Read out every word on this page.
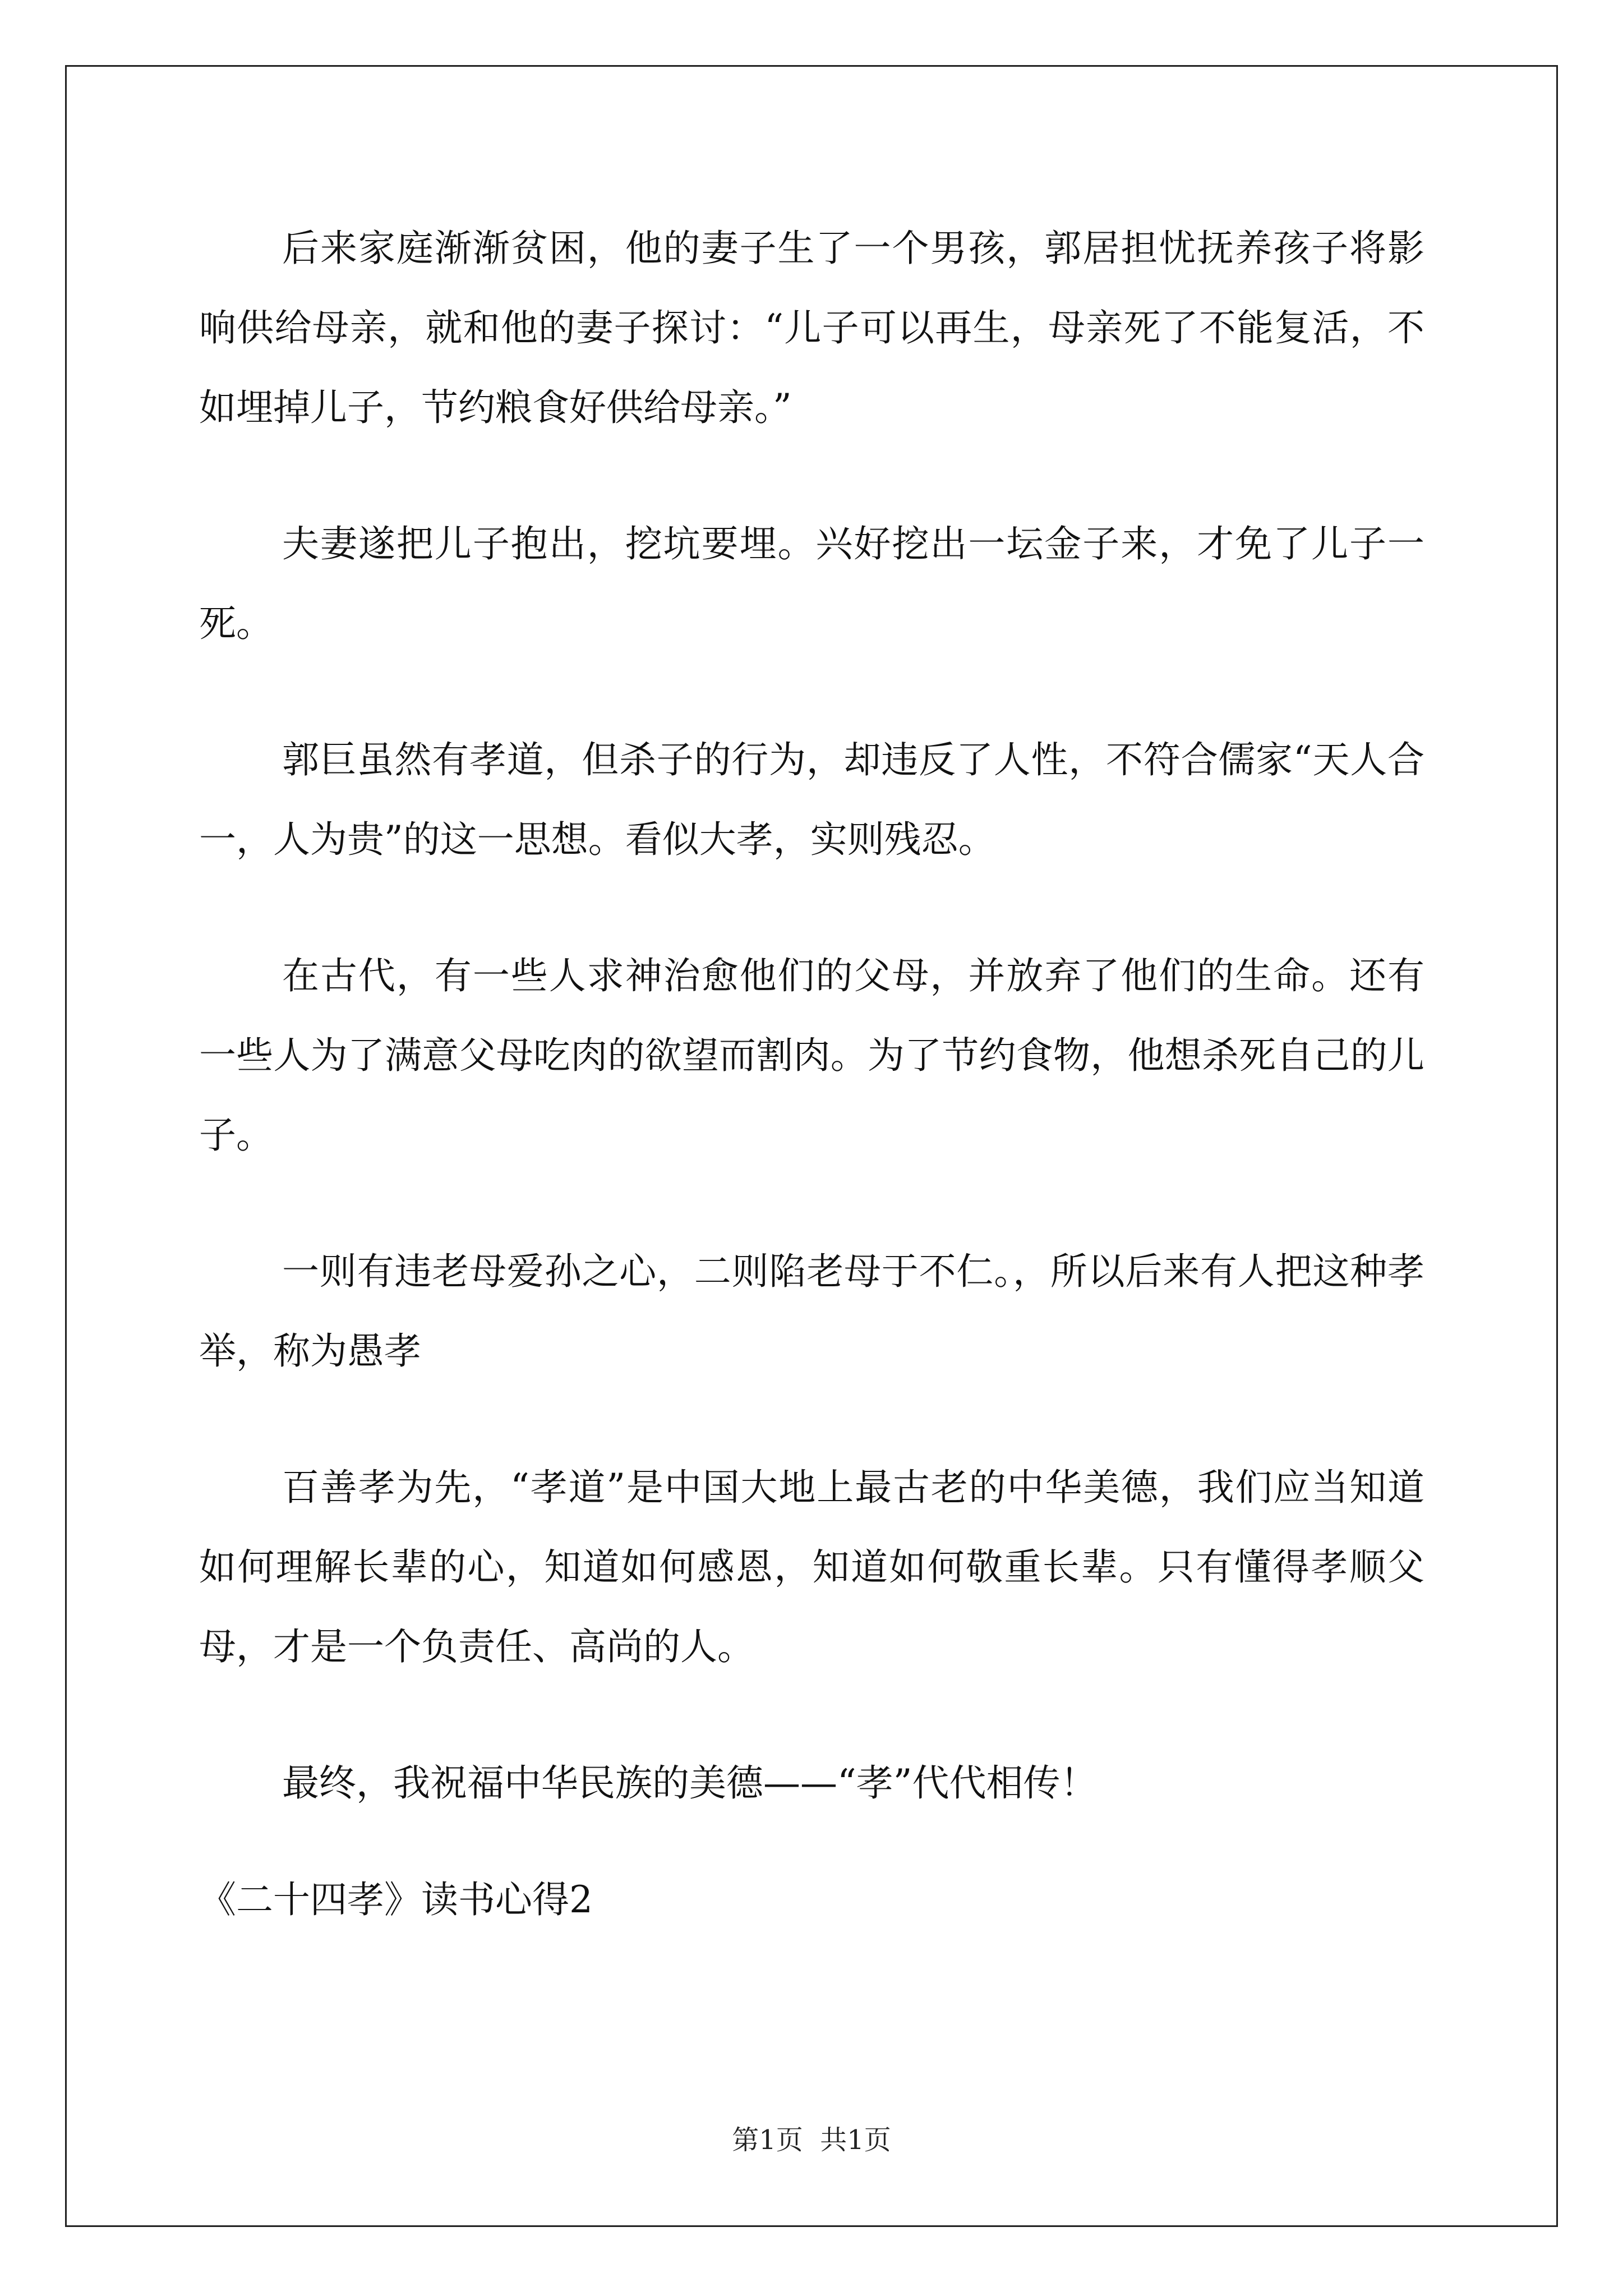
后来家庭渐渐贫困，他的妻子生了一个男孩，郭居担忧抚养孩子将影响供给母亲，就和他的妻子探讨：“儿子可以再生，母亲死了不能复活，不如埋掉儿子，节约粮食好供给母亲。”

夫妻遂把儿子抱出，挖坑要埋。兴好挖出一坛金子来，才免了儿子一死。

郭巨虽然有孝道，但杀子的行为，却违反了人性，不符合儒家“天人合一，人为贵”的这一思想。看似大孝，实则残忍。

在古代，有一些人求神治愈他们的父母，并放弃了他们的生命。还有一些人为了满意父母吃肉的欲望而割肉。为了节约食物，他想杀死自己的儿子。

一则有违老母爱孙之心，二则陷老母于不仁。，所以后来有人把这种孝举，称为愚孝

百善孝为先，“孝道”是中国大地上最古老的中华美德，我们应当知道如何理解长辈的心，知道如何感恩，知道如何敬重长辈。只有懂得孝顺父母，才是一个负责任、高尚的人。

最终，我祝福中华民族的美德——“孝”代代相传！

《二十四孝》读书心得2

第1页  共1页
